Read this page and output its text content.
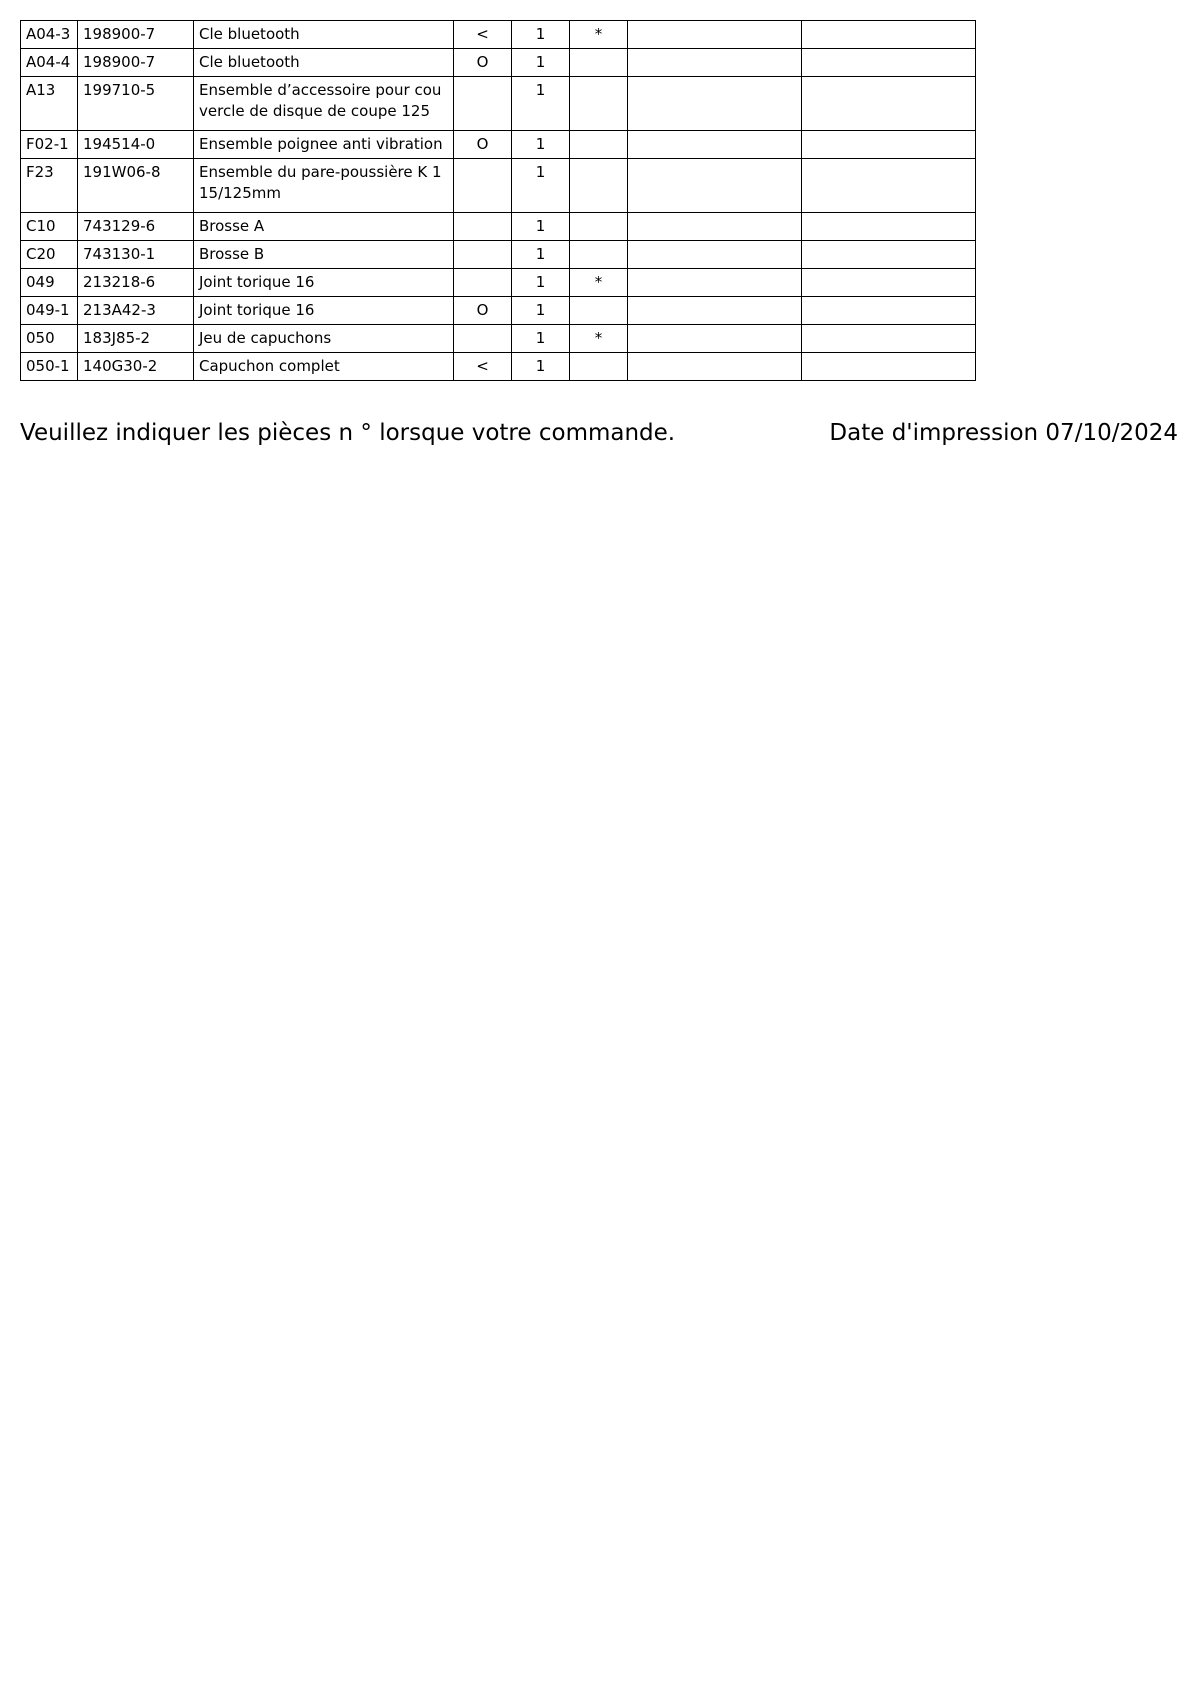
A04-3	198900-7	Cle bluetooth	<	1	*		
A04-4	198900-7	Cle bluetooth	O	1			
A13	199710-5	Ensemble d’accessoire pour couvercle de disque de coupe 125		1			
F02-1	194514-0	Ensemble poignee anti vibration	O	1			
F23	191W06-8	Ensemble du pare-poussière K 115/125mm		1			
C10	743129-6	Brosse A		1			
C20	743130-1	Brosse B		1			
049	213218-6	Joint torique 16		1	*		
049-1	213A42-3	Joint torique 16	O	1			
050	183J85-2	Jeu de capuchons		1	*		
050-1	140G30-2	Capuchon complet	<	1			
Veuillez indiquer les pièces n ° lorsque votre commande.	Date d'impression 07/10/2024
